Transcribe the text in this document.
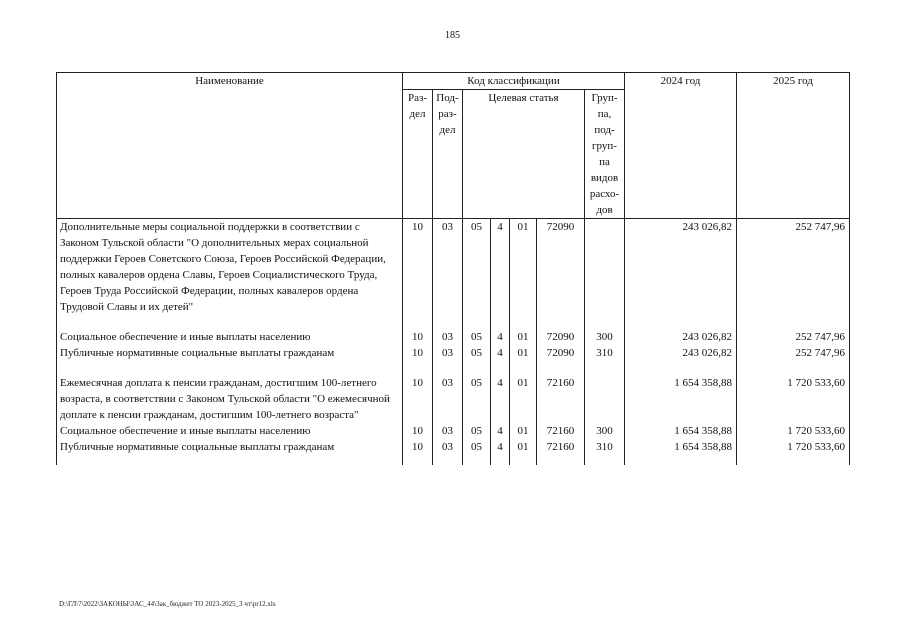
185
Наименование	Код классификации							2024 год	2025 год
	Раз-дел	Под-раз-дел	Целевая статья				Груп-па, под-груп-па видов расхо-дов		
Дополнительные меры социальной поддержки в соответствии с Законом Тульской области "О дополнительных мерах социальной поддержки Героев Советского Союза, Героев Российской Федерации, полных кавалеров ордена Славы, Героев Социалистического Труда, Героев Труда Российской Федерации, полных кавалеров ордена Трудовой Славы и их детей"	10	03	05	4	01	72090		243 026,82	252 747,96

Социальное обеспечение и иные выплаты населению	10	03	05	4	01	72090	300	243 026,82	252 747,96
Публичные нормативные социальные выплаты гражданам	10	03	05	4	01	72090	310	243 026,82	252 747,96

Ежемесячная доплата к пенсии гражданам, достигшим 100-летнего возраста, в соответствии с Законом Тульской области "О ежемесячной доплате к пенсии гражданам, достигшим 100-летнего возраста"	10	03	05	4	01	72160		1 654 358,88	1 720 533,60
Социальное обеспечение и иные выплаты населению	10	03	05	4	01	72160	300	1 654 358,88	1 720 533,60
Публичные нормативные социальные выплаты гражданам	10	03	05	4	01	72160	310	1 654 358,88	1 720 533,60

D:\ГЛ\7\2022\ЗАКОНЫ\3АС_44\3ак_бюджет ТО 2023-2025_3 чт\pr12.xls
